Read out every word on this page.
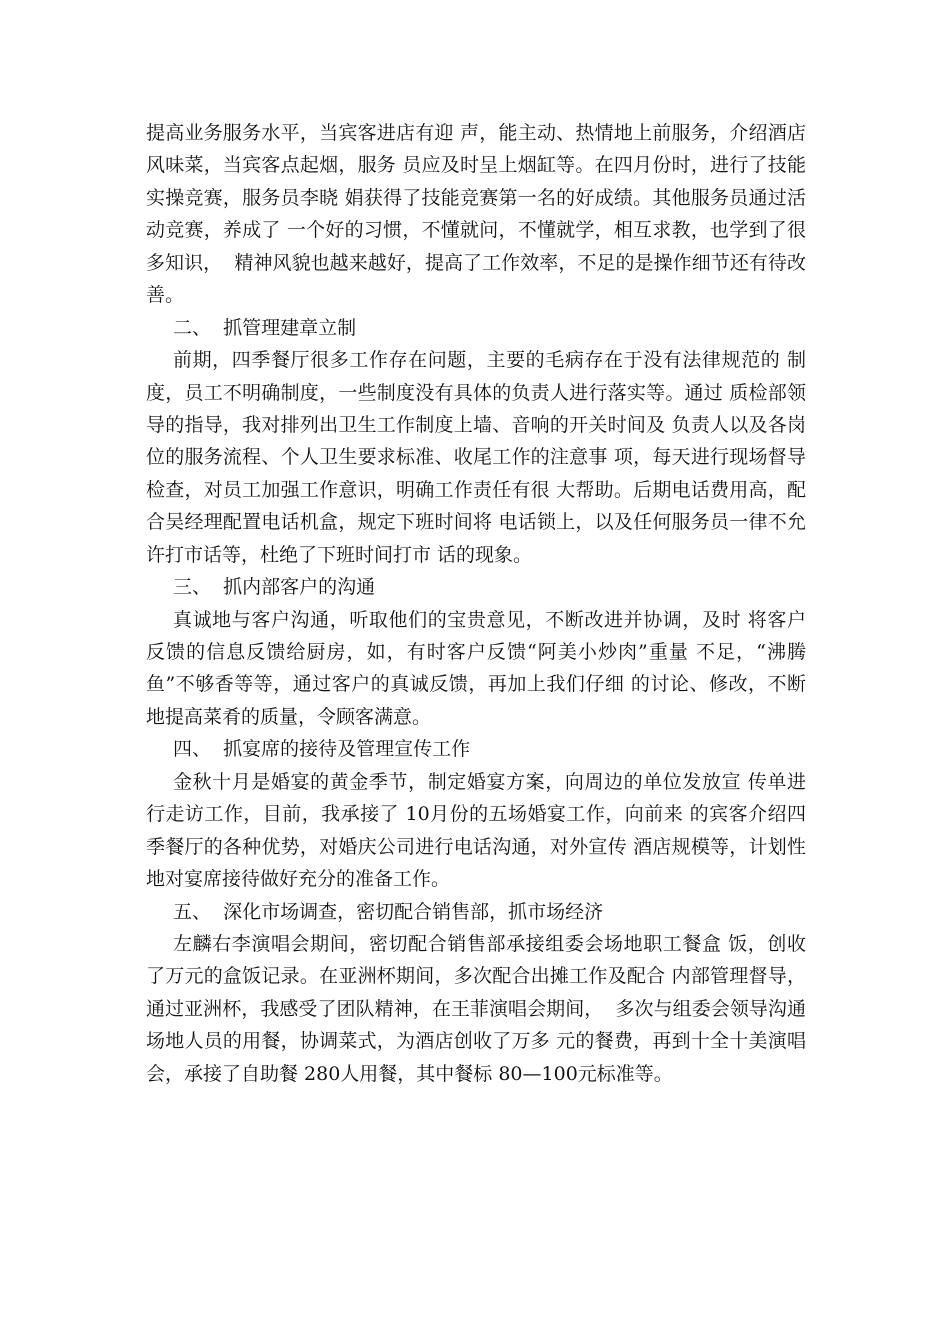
提高业务服务水平，当宾客进店有迎 声，能主动、热情地上前服务，介绍酒店
风味菜，当宾客点起烟，服务 员应及时呈上烟缸等。在四月份时，进行了技能
实操竞赛，服务员李晓 娟获得了技能竞赛第一名的好成绩。其他服务员通过活
动竞赛，养成了 一个好的习惯，不懂就问，不懂就学，相互求教，也学到了很
多知识，  精神风貌也越来越好，提高了工作效率，不足的是操作细节还有待改
善。
二、  抓管理建章立制
前期，四季餐厅很多工作存在问题，主要的毛病存在于没有法律规范的 制
度，员工不明确制度，一些制度没有具体的负责人进行落实等。通过 质检部领
导的指导，我对排列出卫生工作制度上墙、音响的开关时间及 负责人以及各岗
位的服务流程、个人卫生要求标准、收尾工作的注意事 项，每天进行现场督导
检查，对员工加强工作意识，明确工作责任有很 大帮助。后期电话费用高，配
合吴经理配置电话机盒，规定下班时间将 电话锁上，以及任何服务员一律不允
许打市话等，杜绝了下班时间打市 话的现象。
三、  抓内部客户的沟通
真诚地与客户沟通，听取他们的宝贵意见，不断改进并协调，及时 将客户
反馈的信息反馈给厨房，如，有时客户反馈“阿美小炒肉”重量 不足，“沸腾
鱼”不够香等等，通过客户的真诚反馈，再加上我们仔细 的讨论、修改，不断
地提高菜肴的质量，令顾客满意。
四、  抓宴席的接待及管理宣传工作
金秋十月是婚宴的黄金季节，制定婚宴方案，向周边的单位发放宣 传单进
行走访工作，目前，我承接了 10月份的五场婚宴工作，向前来 的宾客介绍四
季餐厅的各种优势，对婚庆公司进行电话沟通，对外宣传 酒店规模等，计划性
地对宴席接待做好充分的准备工作。
五、  深化市场调查，密切配合销售部，抓市场经济
左麟右李演唱会期间，密切配合销售部承接组委会场地职工餐盒 饭，创收
了万元的盒饭记录。在亚洲杯期间，多次配合出摊工作及配合 内部管理督导，
通过亚洲杯，我感受了团队精神，在王菲演唱会期间，  多次与组委会领导沟通
场地人员的用餐，协调菜式，为酒店创收了万多 元的餐费，再到十全十美演唱
会，承接了自助餐 280人用餐，其中餐标 80—100元标准等。
